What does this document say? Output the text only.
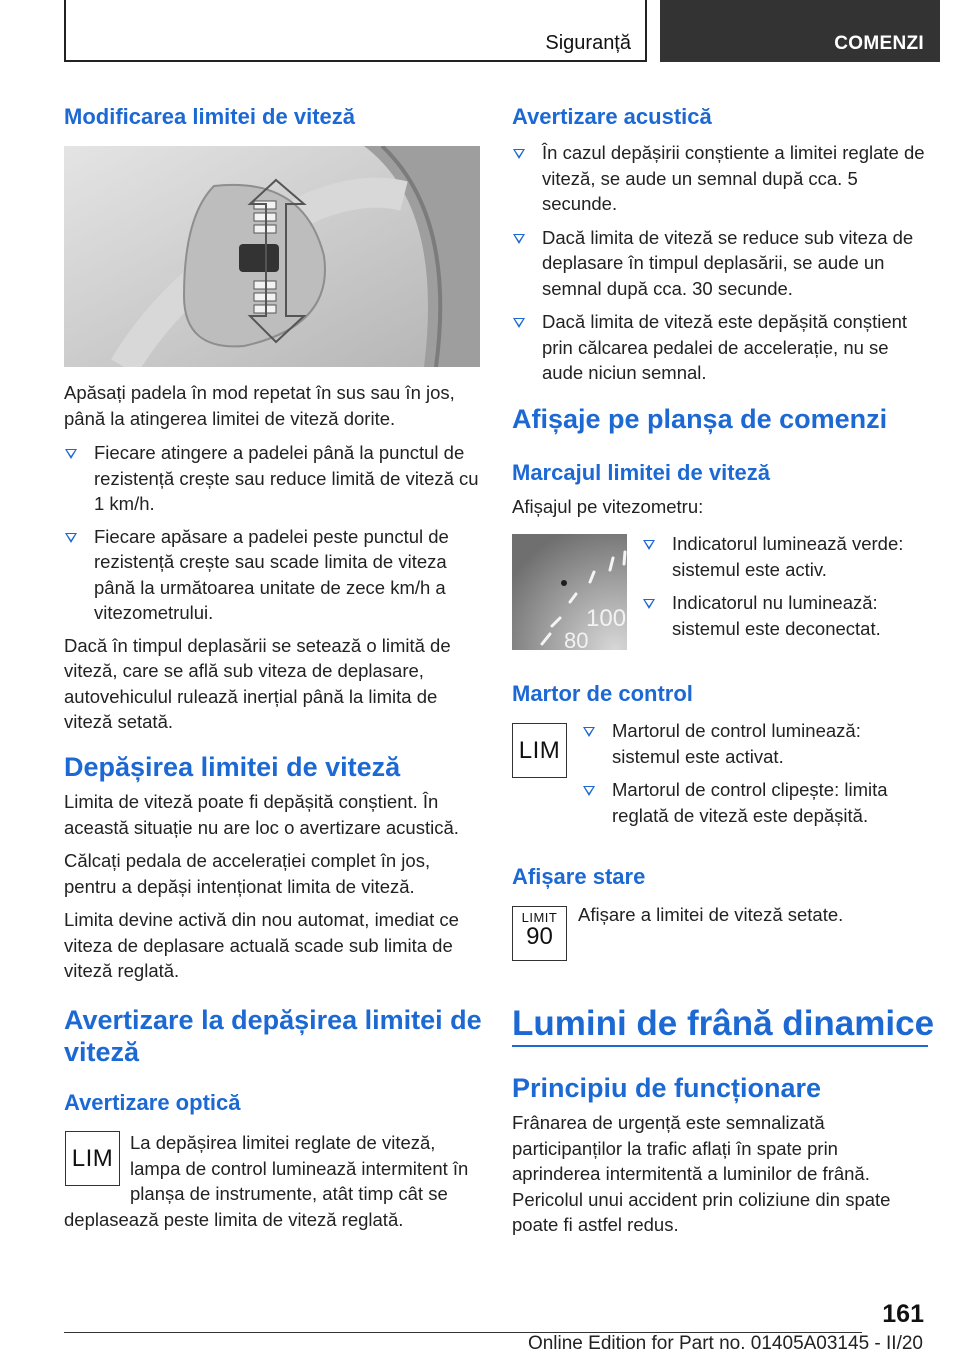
Siguranță	COMENZI
Modificarea limitei de viteză

Apăsați padela în mod repetat în sus sau în jos, până la atingerea limitei de viteză dorite.

Fiecare atingere a padelei până la punctul de rezistență crește sau reduce limită de viteză cu 1 km/h.
Fiecare apăsare a padelei peste punctul de rezistență crește sau scade limita de viteza până la următoarea unitate de zece km/h a vitezometrului.

Dacă în timpul deplasării se setează o limită de viteză, care se află sub viteza de deplasare, autovehiculul rulează inerțial până la limita de viteză setată.

Depășirea limitei de viteză

Limita de viteză poate fi depășită conștient. În această situație nu are loc o avertizare acustică.

Călcați pedala de accelerației complet în jos, pentru a depăși intenționat limita de viteză.

Limita devine activă din nou automat, imediat ce viteza de deplasare actuală scade sub limita de viteză reglată.

Avertizare la depășirea limitei de viteză
Avertizare optică
LIM

La depășirea limitei reglate de viteză, lampa de control luminează intermitent în planșa de instrumente, atât timp cât se deplasează peste limita de viteză reglată.

Avertizare acustică
În cazul depășirii conștiente a limitei reglate de viteză, se aude un semnal după cca. 5 secunde.
Dacă limita de viteză se reduce sub viteza de deplasare în timpul deplasării, se aude un semnal după cca. 30 secunde.
Dacă limita de viteză este depășită conștient prin călcarea pedalei de accelerație, nu se aude niciun semnal.
Afișaje pe planșa de comenzi
Marcajul limitei de viteză

Afișajul pe vitezometru:

100
80
Indicatorul luminează verde: sistemul este activ.
Indicatorul nu luminează: sistemul este deconectat.
Martor de control
LIM
Martorul de control luminează: sistemul este activat.
Martorul de control clipește: limita reglată de viteză este depășită.
Afișare stare
LIMIT
90

Afișare a limitei de viteză setate.

Lumini de frână dinamice
Principiu de funcționare

Frânarea de urgență este semnalizată participanților la trafic aflați în spate prin aprinderea intermitentă a luminilor de frână. Pericolul unui accident prin coliziune din spate poate fi astfel redus.

161
Online Edition for Part no. 01405A03145 - II/20
